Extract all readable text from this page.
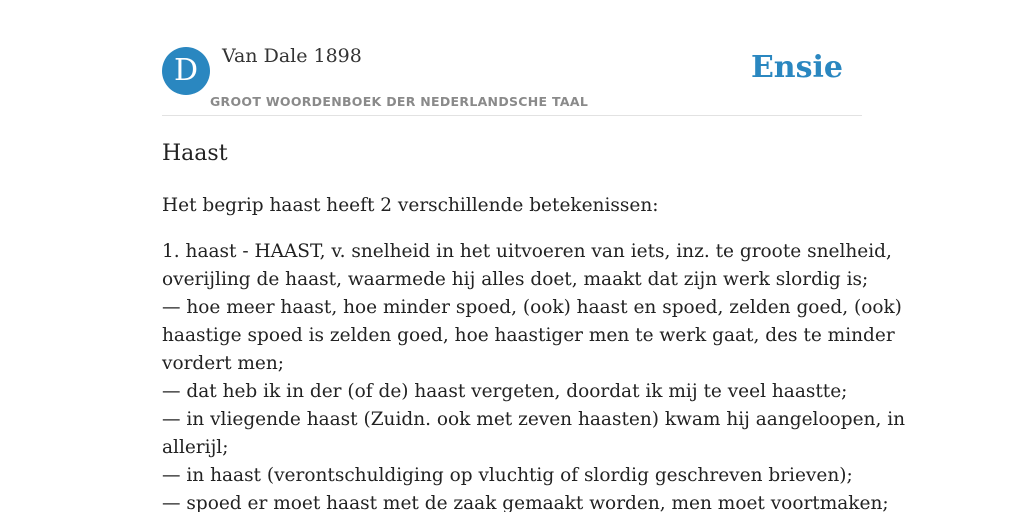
D	Van Dale 1898
GROOT WOORDENBOEK DER NEDERLANDSCHE TAAL
Ensie
Haast

Het begrip haast heeft 2 verschillende betekenissen:

1. haast - HAAST, v. snelheid in het uitvoeren van iets, inz. te groote snelheid,
overijling de haast, waarmede hij alles doet, maakt dat zijn werk slordig is;
— hoe meer haast, hoe minder spoed, (ook) haast en spoed, zelden goed, (ook)
haastige spoed is zelden goed, hoe haastiger men te werk gaat, des te minder
vordert men;
— dat heb ik in der (of de) haast vergeten, doordat ik mij te veel haastte;
— in vliegende haast (Zuidn. ook met zeven haasten) kwam hij aangeloopen, in
allerijl;
— in haast (verontschuldiging op vluchtig of slordig geschreven brieven);
— spoed er moet haast met de zaak gemaakt worden, men moet voortmaken;
